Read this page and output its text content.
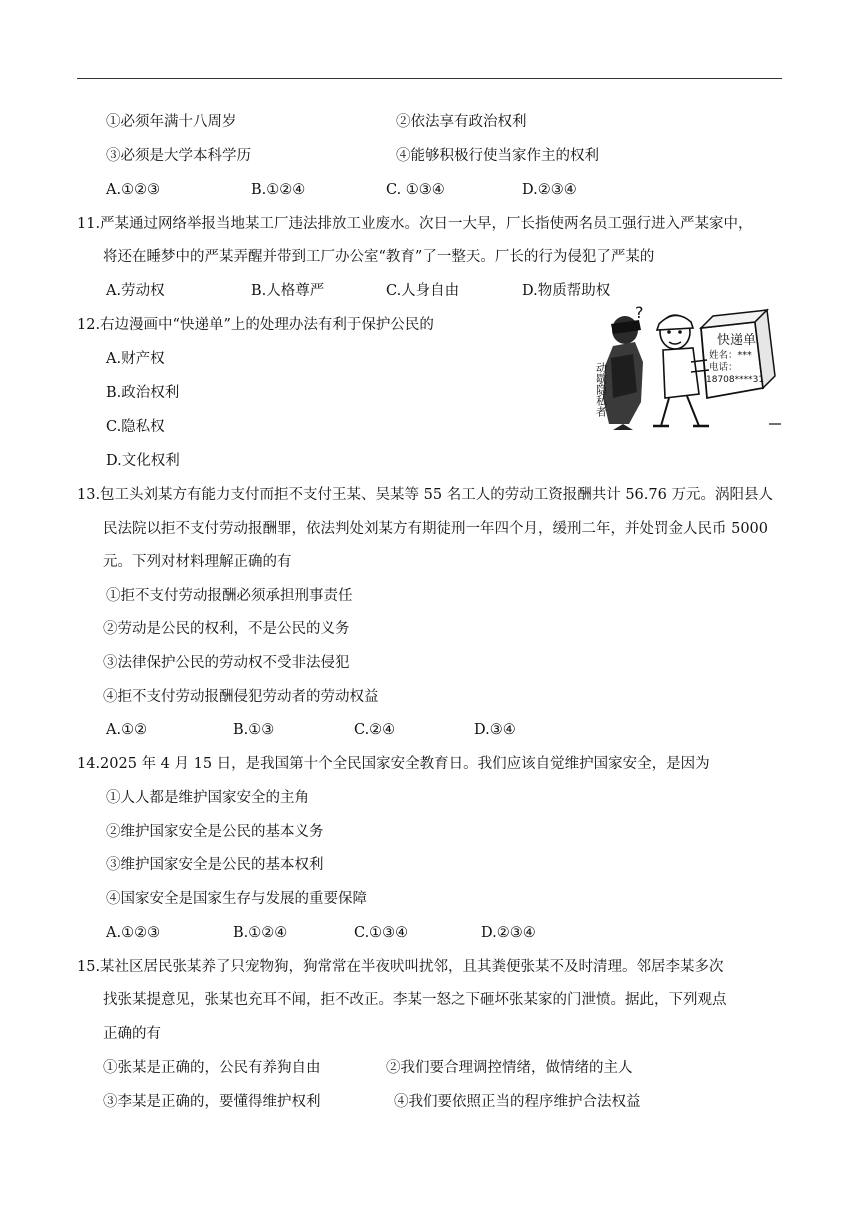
①必须年满十八周岁	②依法享有政治权利
③必须是大学本科学历	④能够积极行使当家作主的权利
A.①②③	B.①②④	C. ①③④	D.②③④
11.严某通过网络举报当地某工厂违法排放工业废水。次日一大早，厂长指使两名员工强行进入严某家中，
将还在睡梦中的严某弄醒并带到工厂办公室“教育”了一整天。厂长的行为侵犯了严某的
A.劳动权	B.人格尊严	C.人身自由	D.物质帮助权
12.右边漫画中“快递单”上的处理办法有利于保护公民的
A.财产权
B.政治权利
C.隐私权
D.文化权利
?
动歇隐私者
快递单
姓名：***
电话：
18708****31
13.包工头刘某方有能力支付而拒不支付王某、吴某等 55 名工人的劳动工资报酬共计 56.76 万元。涡阳县人
民法院以拒不支付劳动报酬罪，依法判处刘某方有期徒刑一年四个月，缓刑二年，并处罚金人民币 5000
元。下列对材料理解正确的有
①拒不支付劳动报酬必须承担刑事责任
②劳动是公民的权利，不是公民的义务
③法律保护公民的劳动权不受非法侵犯
④拒不支付劳动报酬侵犯劳动者的劳动权益
A.①②	B.①③	C.②④	D.③④
14.2025 年 4 月 15 日，是我国第十个全民国家安全教育日。我们应该自觉维护国家安全，是因为
①人人都是维护国家安全的主角
②维护国家安全是公民的基本义务
③维护国家安全是公民的基本权利
④国家安全是国家生存与发展的重要保障
A.①②③	B.①②④	C.①③④	D.②③④
15.某社区居民张某养了只宠物狗，狗常常在半夜吠叫扰邻，且其粪便张某不及时清理。邻居李某多次
找张某提意见，张某也充耳不闻，拒不改正。李某一怒之下砸坏张某家的门泄愤。据此，下列观点
正确的有
①张某是正确的，公民有养狗自由	②我们要合理调控情绪，做情绪的主人
③李某是正确的，要懂得维护权利	④我们要依照正当的程序维护合法权益
